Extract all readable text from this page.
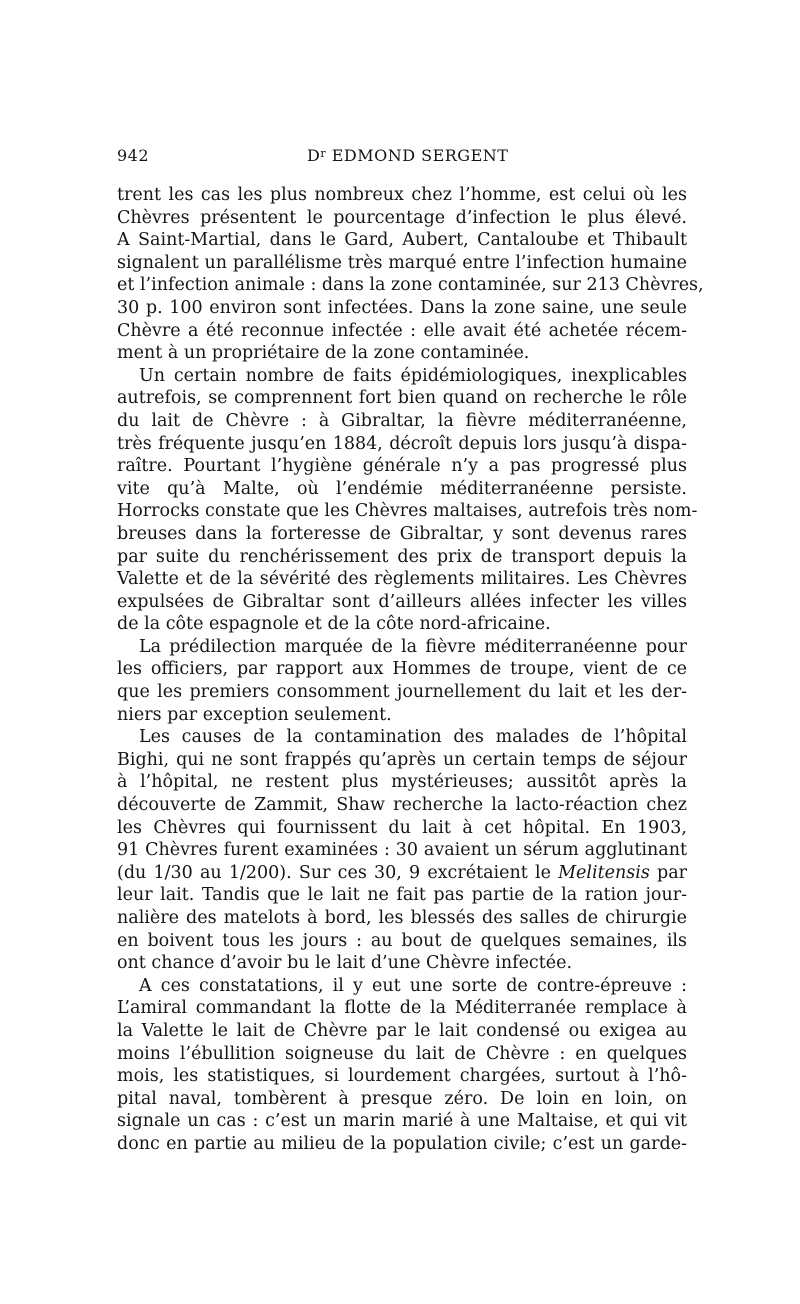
942	$D^r$ EDMOND SERGENT
trent les cas les plus nombreux chez l’homme, est celui où les
Chèvres présentent le pourcentage d’infection le plus élevé.
A Saint-Martial, dans le Gard, Aubert, Cantaloube et Thibault
signalent un parallélisme très marqué entre l’infection humaine
et l’infection animale : dans la zone contaminée, sur 213 Chèvres,
30 p. 100 environ sont infectées. Dans la zone saine, une seule
Chèvre a été reconnue infectée : elle avait été achetée récem-
ment à un propriétaire de la zone contaminée.
Un certain nombre de faits épidémiologiques, inexplicables
autrefois, se comprennent fort bien quand on recherche le rôle
du lait de Chèvre : à Gibraltar, la fièvre méditerranéenne,
très fréquente jusqu’en 1884, décroît depuis lors jusqu’à dispa-
raître. Pourtant l’hygiène générale n’y a pas progressé plus
vite qu’à Malte, où l’endémie méditerranéenne persiste.
Horrocks constate que les Chèvres maltaises, autrefois très nom-
breuses dans la forteresse de Gibraltar, y sont devenus rares
par suite du renchérissement des prix de transport depuis la
Valette et de la sévérité des règlements militaires. Les Chèvres
expulsées de Gibraltar sont d’ailleurs allées infecter les villes
de la côte espagnole et de la côte nord-africaine.
La prédilection marquée de la fièvre méditerranéenne pour
les officiers, par rapport aux Hommes de troupe, vient de ce
que les premiers consomment journellement du lait et les der-
niers par exception seulement.
Les causes de la contamination des malades de l’hôpital
Bighi, qui ne sont frappés qu’après un certain temps de séjour
à l’hôpital, ne restent plus mystérieuses; aussitôt après la
découverte de Zammit, Shaw recherche la lacto-réaction chez
les Chèvres qui fournissent du lait à cet hôpital. En 1903,
91 Chèvres furent examinées : 30 avaient un sérum agglutinant
(du 1/30 au 1/200). Sur ces 30, 9 excrétaient le Melitensis par
leur lait. Tandis que le lait ne fait pas partie de la ration jour-
nalière des matelots à bord, les blessés des salles de chirurgie
en boivent tous les jours : au bout de quelques semaines, ils
ont chance d’avoir bu le lait d’une Chèvre infectée.
A ces constatations, il y eut une sorte de contre-épreuve :
L’amiral commandant la flotte de la Méditerranée remplace à
la Valette le lait de Chèvre par le lait condensé ou exigea au
moins l’ébullition soigneuse du lait de Chèvre : en quelques
mois, les statistiques, si lourdement chargées, surtout à l’hô-
pital naval, tombèrent à presque zéro. De loin en loin, on
signale un cas : c’est un marin marié à une Maltaise, et qui vit
donc en partie au milieu de la population civile; c’est un garde-
